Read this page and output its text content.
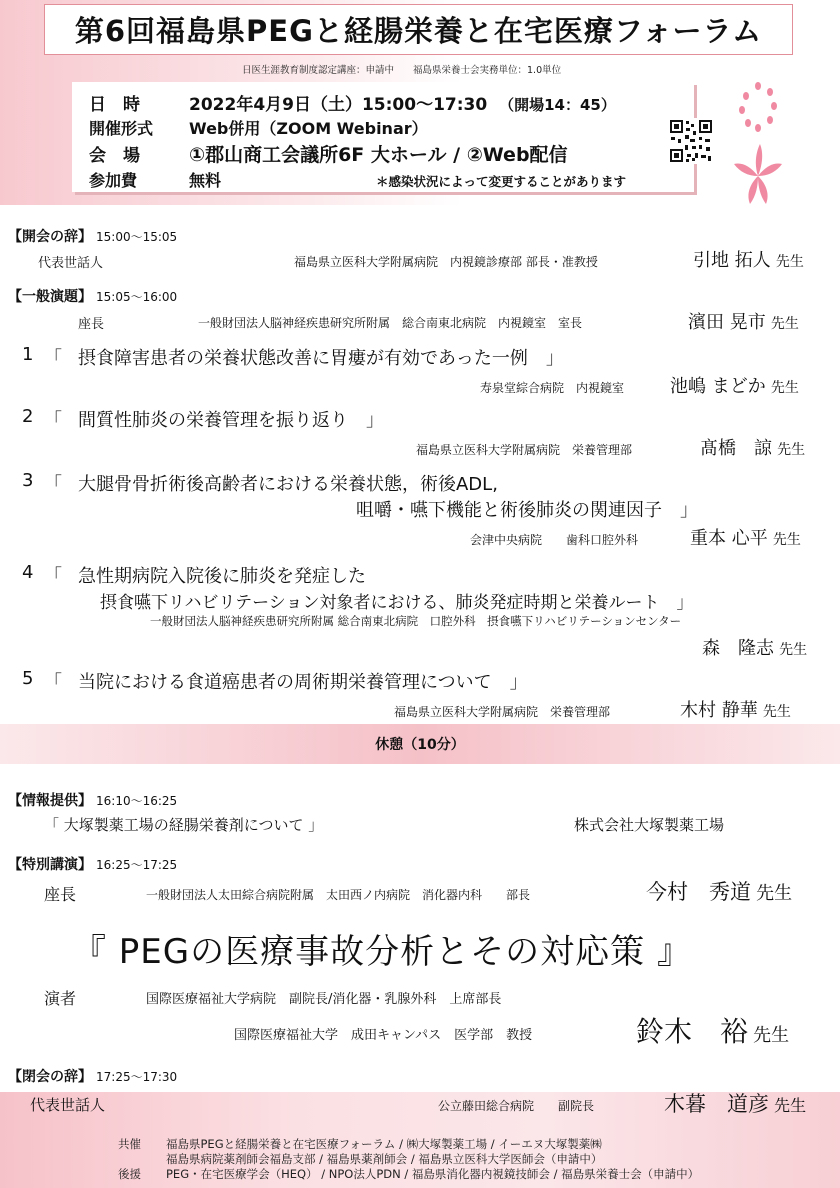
第6回福島県PEGと経腸栄養と在宅医療フォーラム
日医生涯教育制度認定講座：申請中　　福島県栄養士会実務単位：1.0単位
日　時	2022年4月9日（土）15:00～17:30 （開場14：45）
開催形式 Web併用（ZOOM Webinar）
会　場	①郡山商工会議所6F 大ホール / ②Web配信
参加費	無料	＊感染状況によって変更することがあります
【開会の辞】 15:00～15:05
代表世話人	福島県立医科大学附属病院　内視鏡診療部 部長・准教授	引地 拓人 先生
【一般演題】 15:05～16:00
座長	一般財団法人脳神経疾患研究所附属　総合南東北病院　内視鏡室　室長	濱田 晃市 先生
1 「 摂食障害患者の栄養状態改善に胃瘻が有効であった一例　」
寿泉堂綜合病院　内視鏡室	池嶋 まどか 先生
2 「 間質性肺炎の栄養管理を振り返り　」
福島県立医科大学附属病院　栄養管理部	髙橋　諒 先生
3 「 大腿骨骨折術後高齢者における栄養状態，術後ADL,
咀嚼・嚥下機能と術後肺炎の関連因子　」
会津中央病院　　歯科口腔外科	重本 心平 先生
4 「 急性期病院入院後に肺炎を発症した
摂食嚥下リハビリテーション対象者における、肺炎発症時期と栄養ルート　」
一般財団法人脳神経疾患研究所附属 総合南東北病院　口腔外科　摂食嚥下リハビリテーションセンター
森　隆志 先生
5 「 当院における食道癌患者の周術期栄養管理について　」
福島県立医科大学附属病院　栄養管理部	木村 静華 先生
休憩（10分）
【情報提供】 16:10～16:25
「 大塚製薬工場の経腸栄養剤について 」	株式会社大塚製薬工場
【特別講演】 16:25～17:25
座長	一般財団法人太田綜合病院附属　太田西ノ内病院　消化器内科　　部長	今村　秀道 先生
『 PEGの医療事故分析とその対応策 』
演者	国際医療福祉大学病院　副院長/消化器・乳腺外科　上席部長
国際医療福祉大学　成田キャンパス　医学部　教授	鈴木　裕 先生
【閉会の辞】 17:25～17:30
代表世話人	公立藤田総合病院　　副院長	木暮　道彦 先生
共催 福島県PEGと経腸栄養と在宅医療フォーラム / ㈱大塚製薬工場 / イーエヌ大塚製薬㈱
福島県病院薬剤師会福島支部 / 福島県薬剤師会 / 福島県立医科大学医師会（申請中）
後援 PEG・在宅医療学会（HEQ） / NPO法人PDN / 福島県消化器内視鏡技師会 / 福島県栄養士会（申請中）
